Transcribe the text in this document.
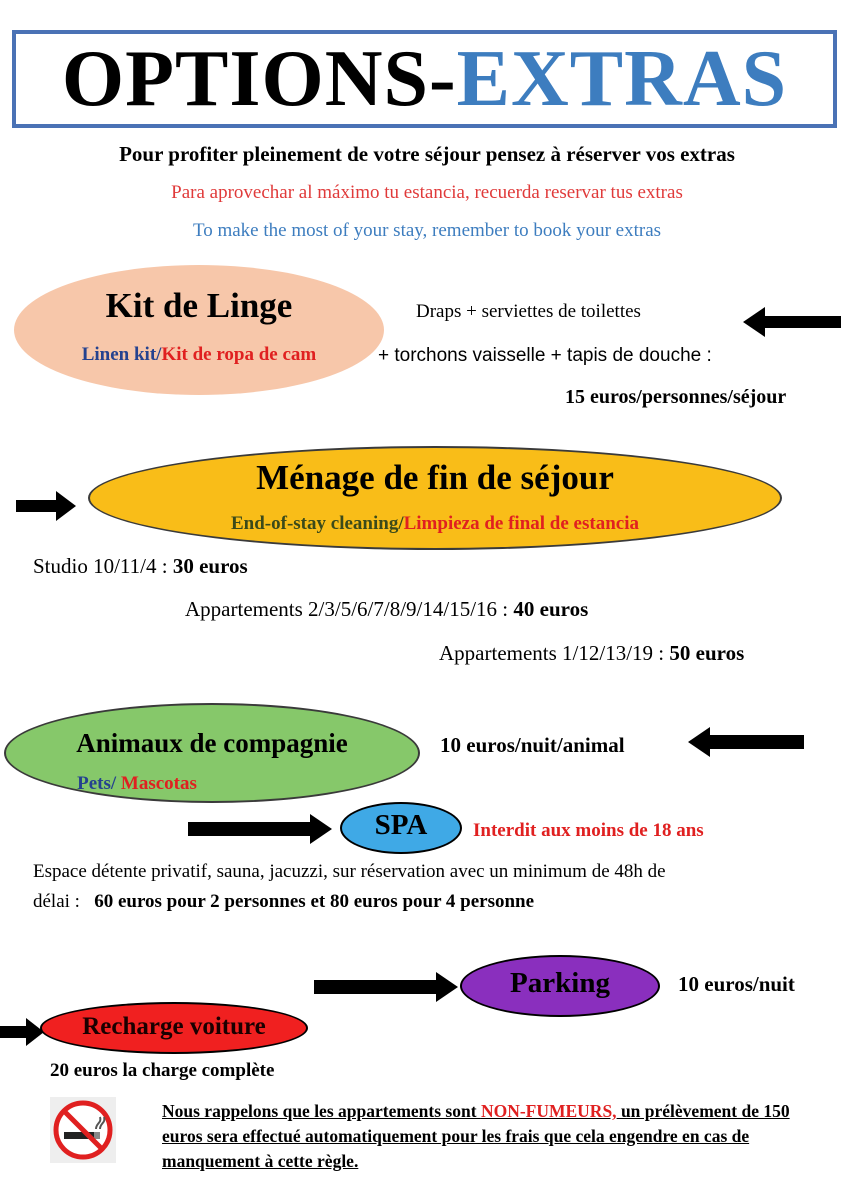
OPTIONS-EXTRAS
Pour profiter pleinement de votre séjour pensez à réserver vos extras
Para aprovechar al máximo tu estancia, recuerda reservar tus extras
To make the most of your stay, remember to book your extras
Kit de Linge
Linen kit/Kit de ropa de cam
Draps + serviettes de toilettes
+ torchons vaisselle + tapis de douche :
15 euros/personnes/séjour
Ménage de fin de séjour
End-of-stay cleaning/Limpieza de final de estancia
Studio 10/11/4 : 30 euros
Appartements 2/3/5/6/7/8/9/14/15/16 : 40 euros
Appartements 1/12/13/19 : 50 euros
Animaux de compagnie
Pets/ Mascotas
10 euros/nuit/animal
SPA	Interdit aux moins de 18 ans
Espace détente privatif, sauna, jacuzzi, sur réservation avec un minimum de 48h de
délai : 60 euros pour 2 personnes et 80 euros pour 4 personne
Parking	10 euros/nuit
Recharge voiture
20 euros la charge complète
Nous rappelons que les appartements sont NON-FUMEURS, un prélèvement de 150 euros sera effectué automatiquement pour les frais que cela engendre en cas de manquement à cette règle.
